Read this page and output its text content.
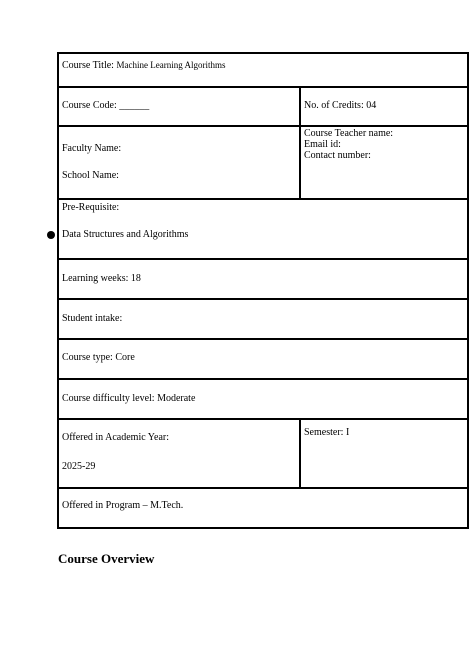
Course Title: Machine Learning Algorithms
Course Code: ______	No. of Credits: 04
Faculty Name:
School Name:
Course Teacher name:
Email id:
Contact number:
Pre-Requisite:
Data Structures and Algorithms
Learning weeks: 18
Student intake:
Course type: Core
Course difficulty level: Moderate
Offered in Academic Year:
2025-29
Semester: I
Offered in Program – M.Tech.
Course Overview
